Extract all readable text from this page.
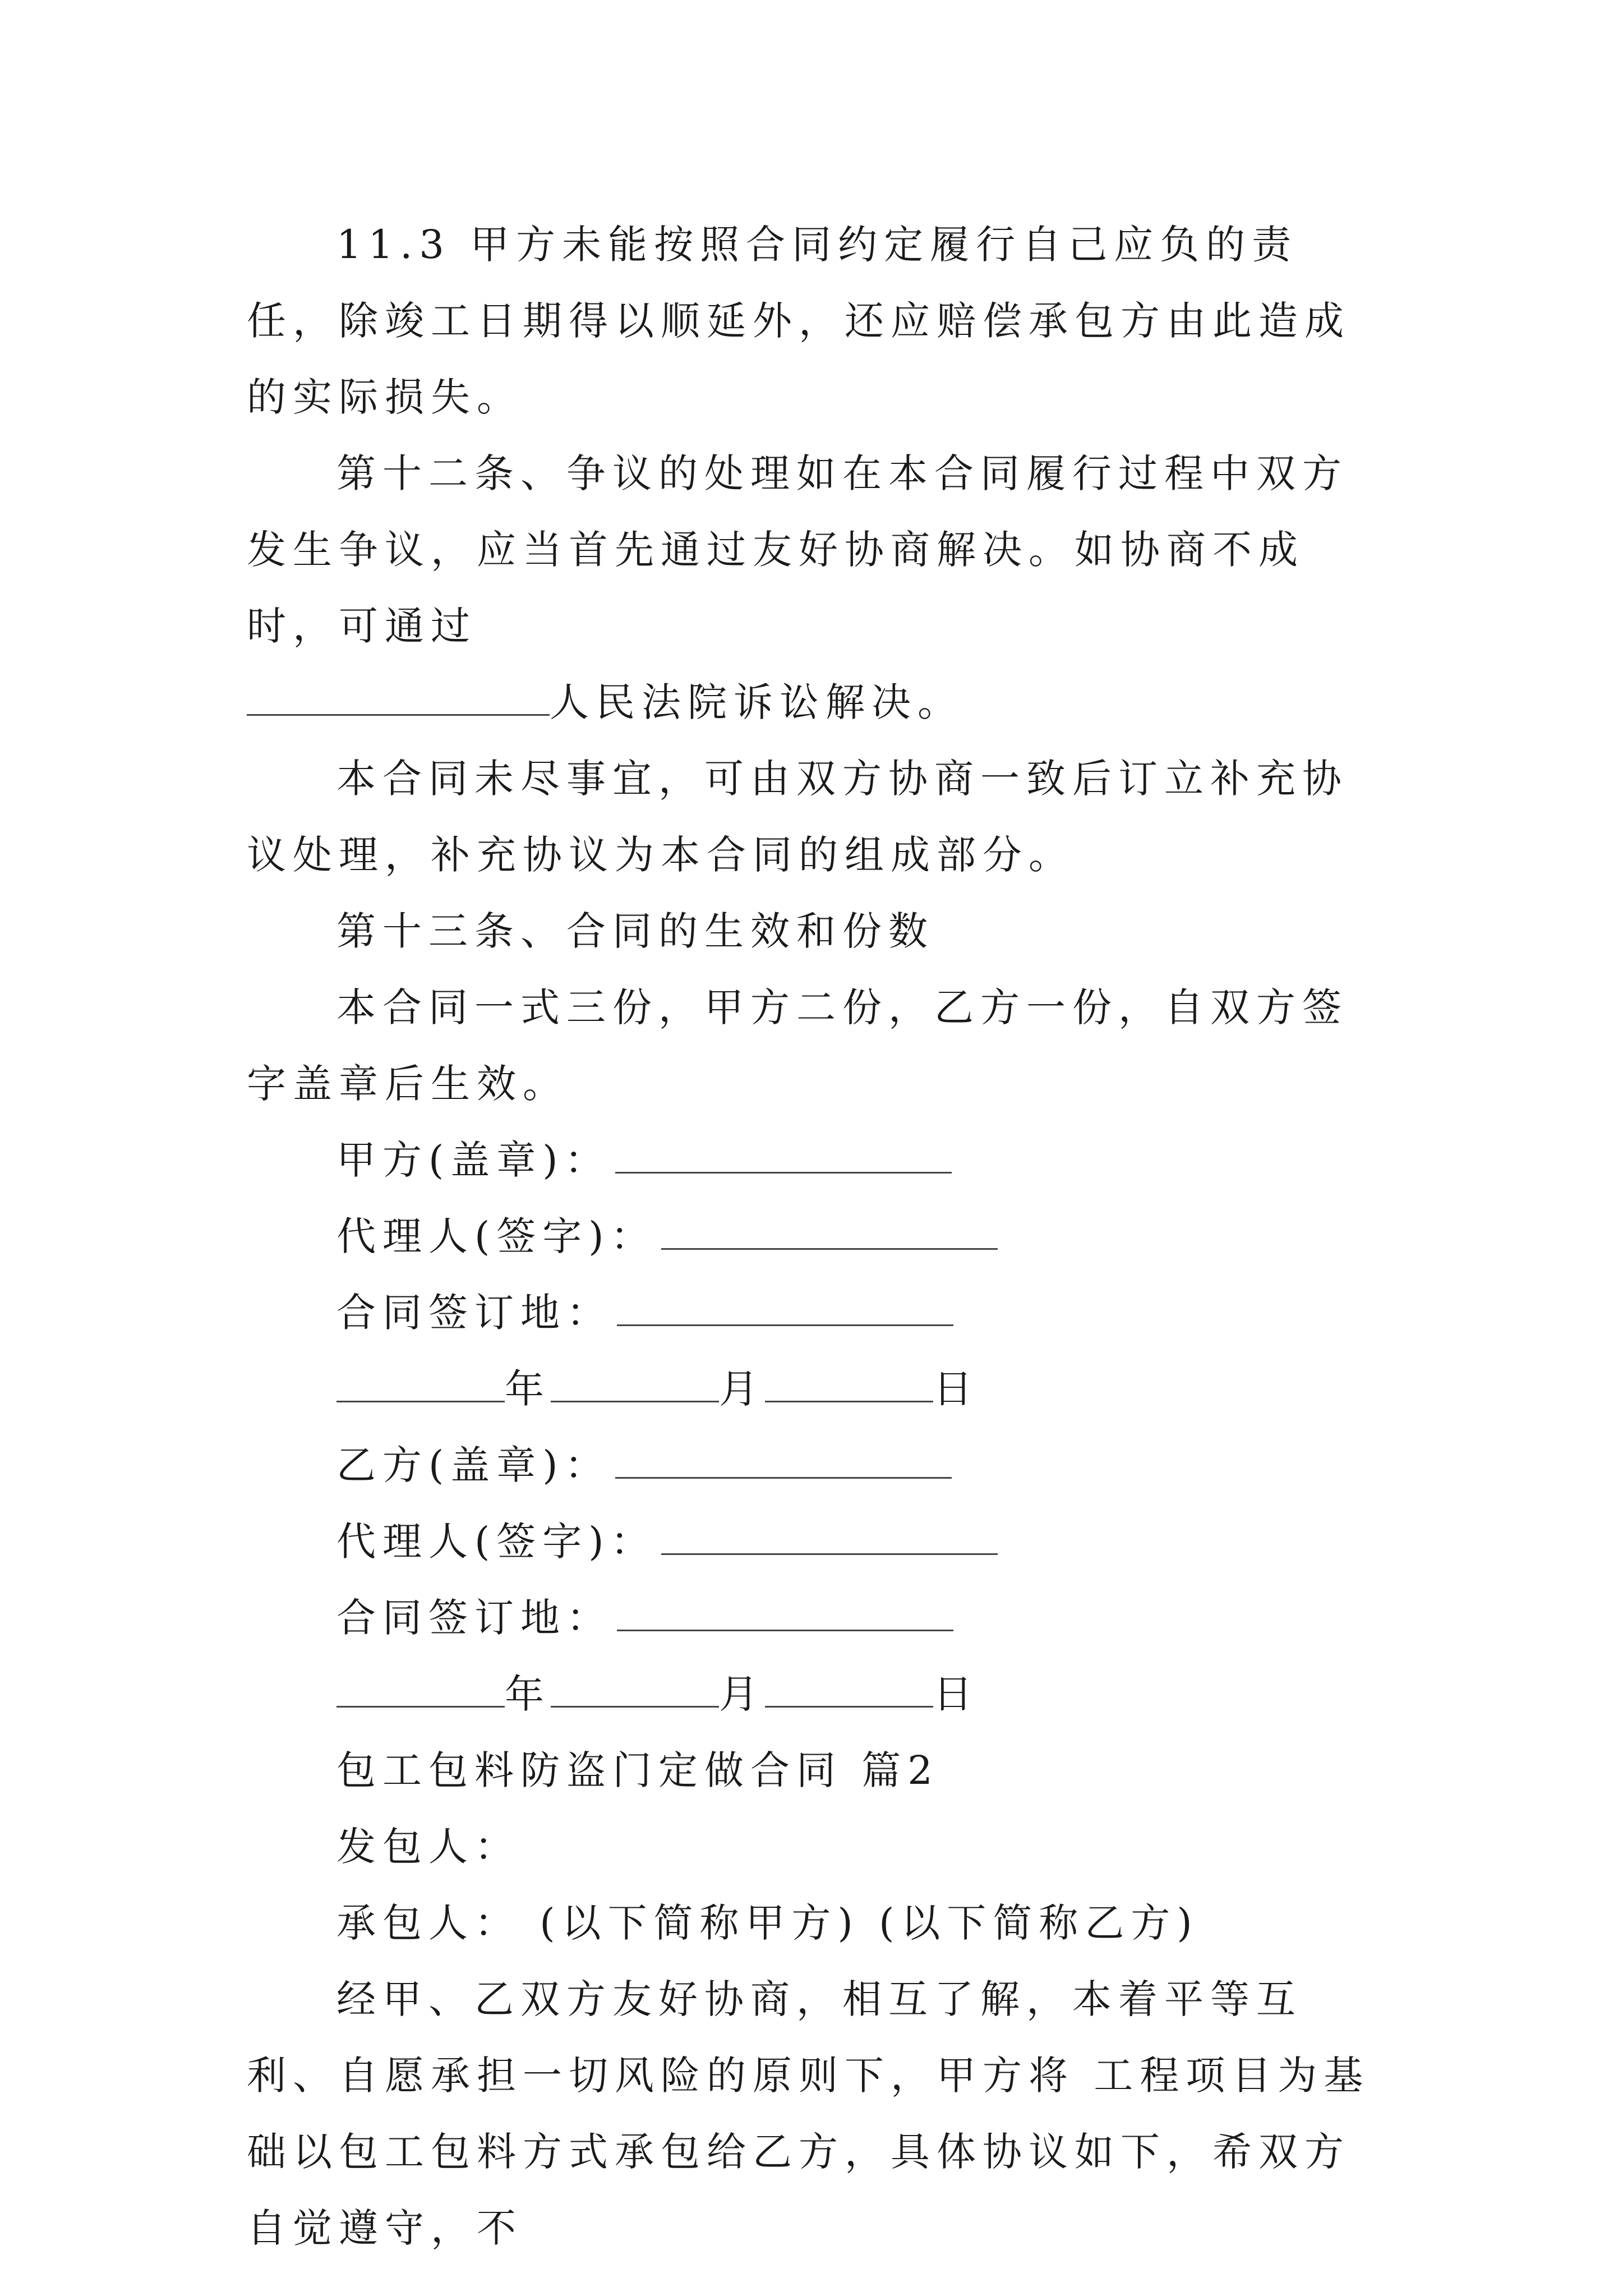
11.3 甲方未能按照合同约定履行自己应负的责任，除竣工日期得以顺延外，还应赔偿承包方由此造成的实际损失。

第十二条、争议的处理如在本合同履行过程中双方发生争议，应当首先通过友好协商解决。如协商不成时，可通过

人民法院诉讼解决。

本合同未尽事宜，可由双方协商一致后订立补充协议处理，补充协议为本合同的组成部分。

第十三条、合同的生效和份数

本合同一式三份，甲方二份，乙方一份，自双方签字盖章后生效。

甲方(盖章)：

代理人(签字)：

合同签订地：

年	月	日

乙方(盖章)：

代理人(签字)：

合同签订地：

年	月	日

包工包料防盗门定做合同 篇2

发包人：

承包人： (以下简称甲方) (以下简称乙方)

经甲、乙双方友好协商，相互了解，本着平等互利、自愿承担一切风险的原则下，甲方将 工程项目为基础以包工包料方式承包给乙方，具体协议如下，希双方自觉遵守，不
